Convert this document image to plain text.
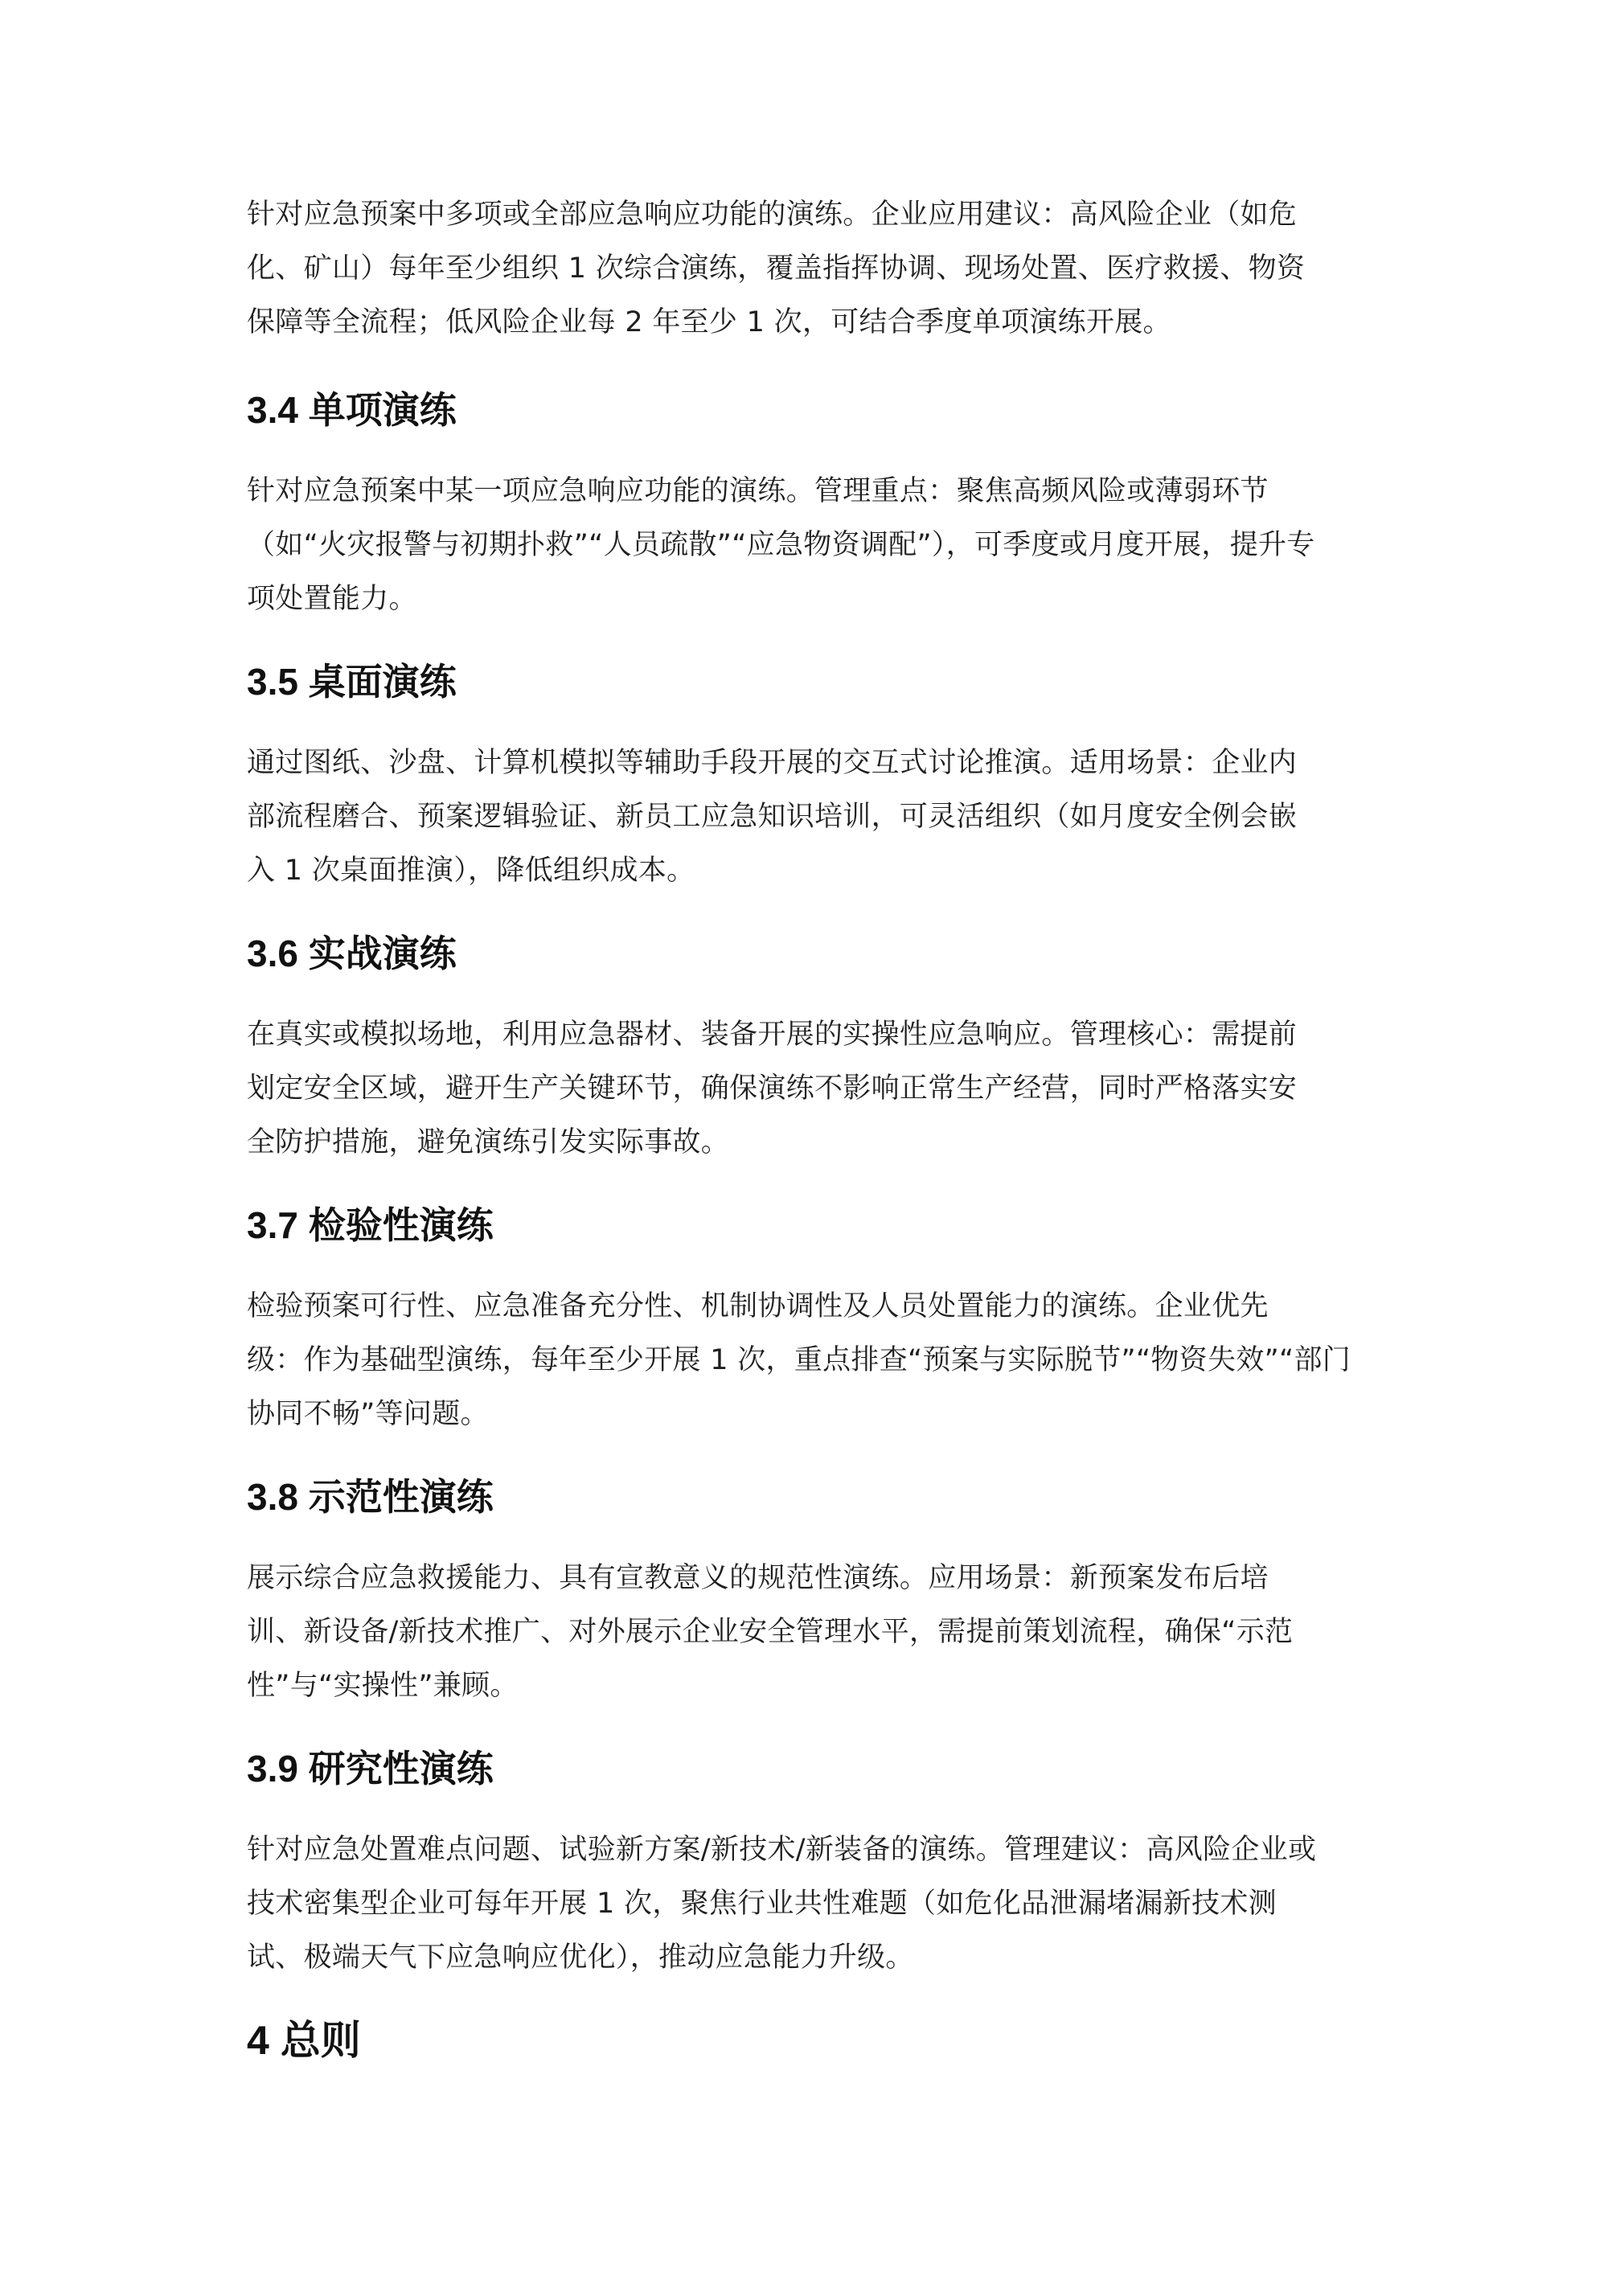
针对应急预案中多项或全部应急响应功能的演练。企业应用建议：高风险企业（如危
化、矿山）每年至少组织 1 次综合演练，覆盖指挥协调、现场处置、医疗救援、物资
保障等全流程；低风险企业每 2 年至少 1 次，可结合季度单项演练开展。

3.4 单项演练

针对应急预案中某一项应急响应功能的演练。管理重点：聚焦高频风险或薄弱环节
（如“火灾报警与初期扑救”“人员疏散”“应急物资调配”），可季度或月度开展，提升专
项处置能力。

3.5 桌面演练

通过图纸、沙盘、计算机模拟等辅助手段开展的交互式讨论推演。适用场景：企业内
部流程磨合、预案逻辑验证、新员工应急知识培训，可灵活组织（如月度安全例会嵌
入 1 次桌面推演），降低组织成本。

3.6 实战演练

在真实或模拟场地，利用应急器材、装备开展的实操性应急响应。管理核心：需提前
划定安全区域，避开生产关键环节，确保演练不影响正常生产经营，同时严格落实安
全防护措施，避免演练引发实际事故。

3.7 检验性演练

检验预案可行性、应急准备充分性、机制协调性及人员处置能力的演练。企业优先
级：作为基础型演练，每年至少开展 1 次，重点排查“预案与实际脱节”“物资失效”“部门
协同不畅”等问题。

3.8 示范性演练

展示综合应急救援能力、具有宣教意义的规范性演练。应用场景：新预案发布后培
训、新设备/新技术推广、对外展示企业安全管理水平，需提前策划流程，确保“示范
性”与“实操性”兼顾。

3.9 研究性演练

针对应急处置难点问题、试验新方案/新技术/新装备的演练。管理建议：高风险企业或
技术密集型企业可每年开展 1 次，聚焦行业共性难题（如危化品泄漏堵漏新技术测
试、极端天气下应急响应优化），推动应急能力升级。

4 总则
